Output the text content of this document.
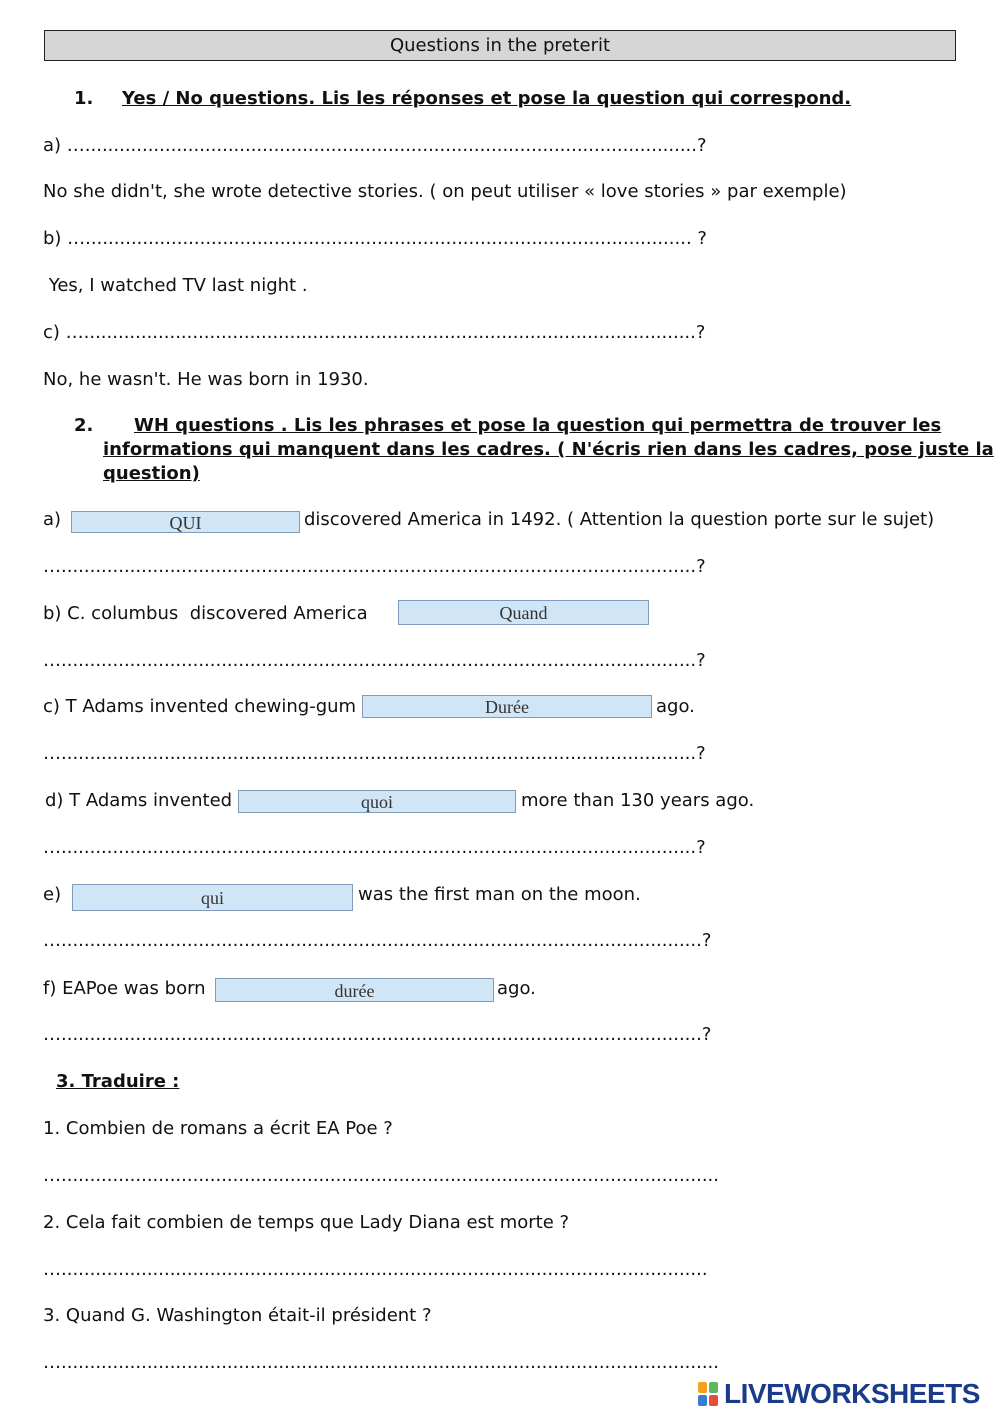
Questions in the preterit
1. Yes / No questions. Lis les réponses et pose la question qui correspond.
a) …...........................................................................................................?
No she didn't, she wrote detective stories. ( on peut utiliser « love stories » par exemple)
b) ….......................................................................................................... ?
Yes, I watched TV last night .
c) …...........................................................................................................?
No, he wasn't. He was born in 1930.
2. WH questions . Lis les phrases et pose la question qui permettra de trouver les
informations qui manquent dans les cadres. ( N'écris rien dans les cadres, pose juste la
question)
a)	QUI	discovered America in 1492. ( Attention la question porte sur le sujet)
…...............................................................................................................?
b) C. columbus  discovered America	Quand
…...............................................................................................................?
c) T Adams invented chewing-gum	Durée	ago.
…...............................................................................................................?
d) T Adams invented	quoi	more than 130 years ago.
…...............................................................................................................?
e)	qui	was the first man on the moon.
…................................................................................................................?
f) EAPoe was born	durée	ago.
…................................................................................................................?
3. Traduire :
1. Combien de romans a écrit EA Poe ?
…...................................................................................................................
2. Cela fait combien de temps que Lady Diana est morte ?
….................................................................................................................
3. Quand G. Washington était-il président ?
…...................................................................................................................
LIVEWORKSHEETS
